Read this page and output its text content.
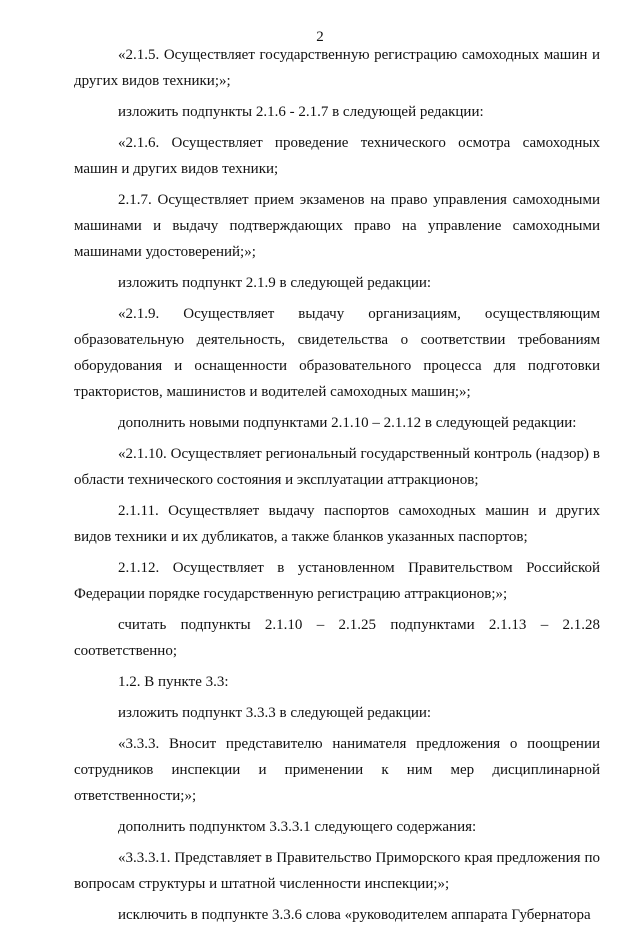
2

«2.1.5. Осуществляет государственную регистрацию самоходных машин и других видов техники;»;

изложить подпункты 2.1.6 - 2.1.7 в следующей редакции:

«2.1.6. Осуществляет проведение технического осмотра самоходных машин и других видов техники;

2.1.7. Осуществляет прием экзаменов на право управления самоходными машинами и выдачу подтверждающих право на управление самоходными машинами удостоверений;»;

изложить подпункт 2.1.9 в следующей редакции:

«2.1.9. Осуществляет выдачу организациям, осуществляющим образовательную деятельность, свидетельства о соответствии требованиям оборудования и оснащенности образовательного процесса для подготовки трактористов, машинистов и водителей самоходных машин;»;

дополнить новыми подпунктами 2.1.10 – 2.1.12 в следующей редакции:

«2.1.10. Осуществляет региональный государственный контроль (надзор) в области технического состояния и эксплуатации аттракционов;

2.1.11. Осуществляет выдачу паспортов самоходных машин и других видов техники и их дубликатов, а также бланков указанных паспортов;

2.1.12. Осуществляет в установленном Правительством Российской Федерации порядке государственную регистрацию аттракционов;»;

считать подпункты 2.1.10 – 2.1.25 подпунктами 2.1.13 – 2.1.28 соответственно;

1.2. В пункте 3.3:

изложить подпункт 3.3.3 в следующей редакции:

«3.3.3. Вносит представителю нанимателя предложения о поощрении сотрудников инспекции и применении к ним мер дисциплинарной ответственности;»;

дополнить подпунктом 3.3.3.1 следующего содержания:

«3.3.3.1. Представляет в Правительство Приморского края предложения по вопросам структуры и штатной численности инспекции;»;

исключить в подпункте 3.3.6 слова «руководителем аппарата Губернатора
